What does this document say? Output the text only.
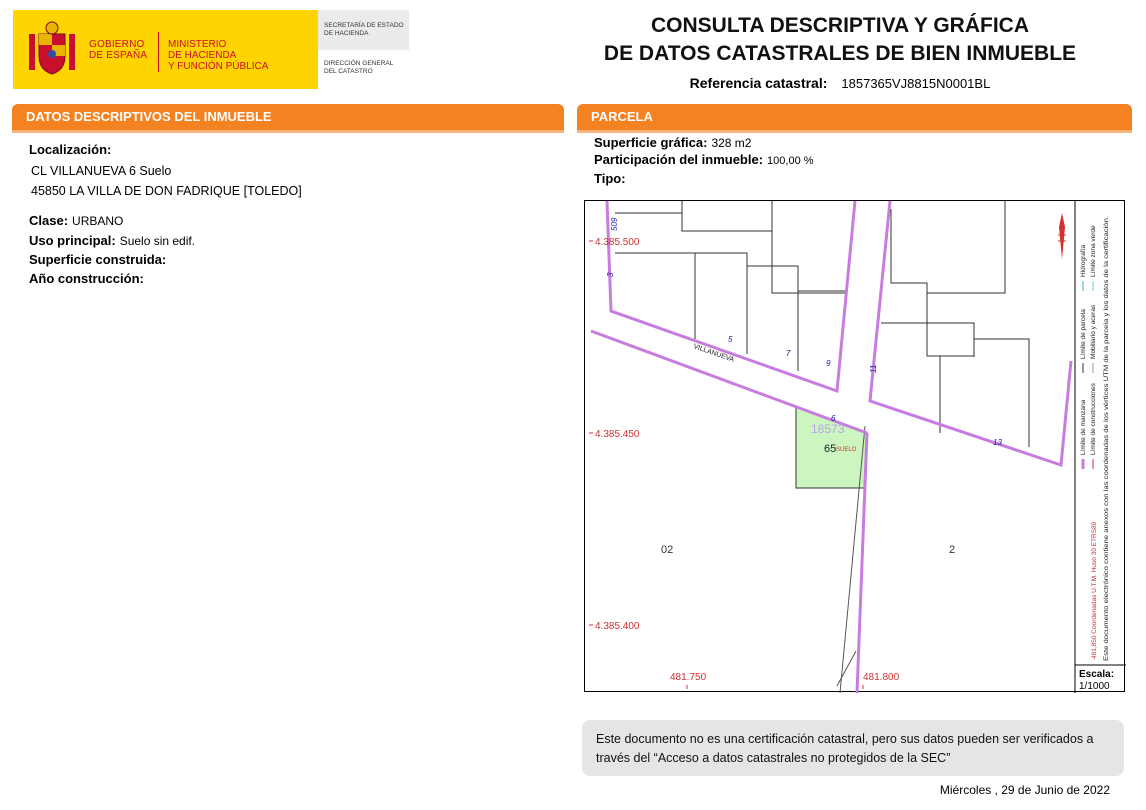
GOBIERNO
DE ESPAÑA
MINISTERIO
DE HACIENDA
Y FUNCIÓN PÚBLICA
SECRETARÍA DE ESTADO
DE HACIENDA
DIRECCIÓN GENERAL
DEL CATASTRO
CONSULTA DESCRIPTIVA Y GRÁFICA
DE DATOS CATASTRALES DE BIEN INMUEBLE
Referencia catastral: 1857365VJ8815N0001BL
DATOS DESCRIPTIVOS DEL INMUEBLE
Localización:
CL VILLANUEVA 6 Suelo
45850 LA VILLA DE DON FADRIQUE [TOLEDO]
Clase: URBANO
Uso principal: Suelo sin edif.
Superficie construida:
Año construcción:
PARCELA
Superficie gráfica: 328 m2
Participación del inmueble: 100,00 %
Tipo:
4.385.500
4.385.450
4.385.400
481.750	481.800
VILLANUEVA
509
3
5
7
9
11
6
13
18573
65 SUELO
02	2	481,850 Coordenadas U.T.M. Huso 30 ETRS89
Límite de manzana Límite de construcciones
Límite de parcela Mobiliario y aceras
Hidrografía Límite zona verde
Este documento electrónico contiene anexos con las coordenadas de los vértices UTM de la parcela y los datos de la certificación.
Escala:
1/1000
Este documento no es una certificación catastral, pero sus datos pueden ser verificados a través del “Acceso a datos catastrales no protegidos de la SEC”
Miércoles , 29 de Junio de 2022
